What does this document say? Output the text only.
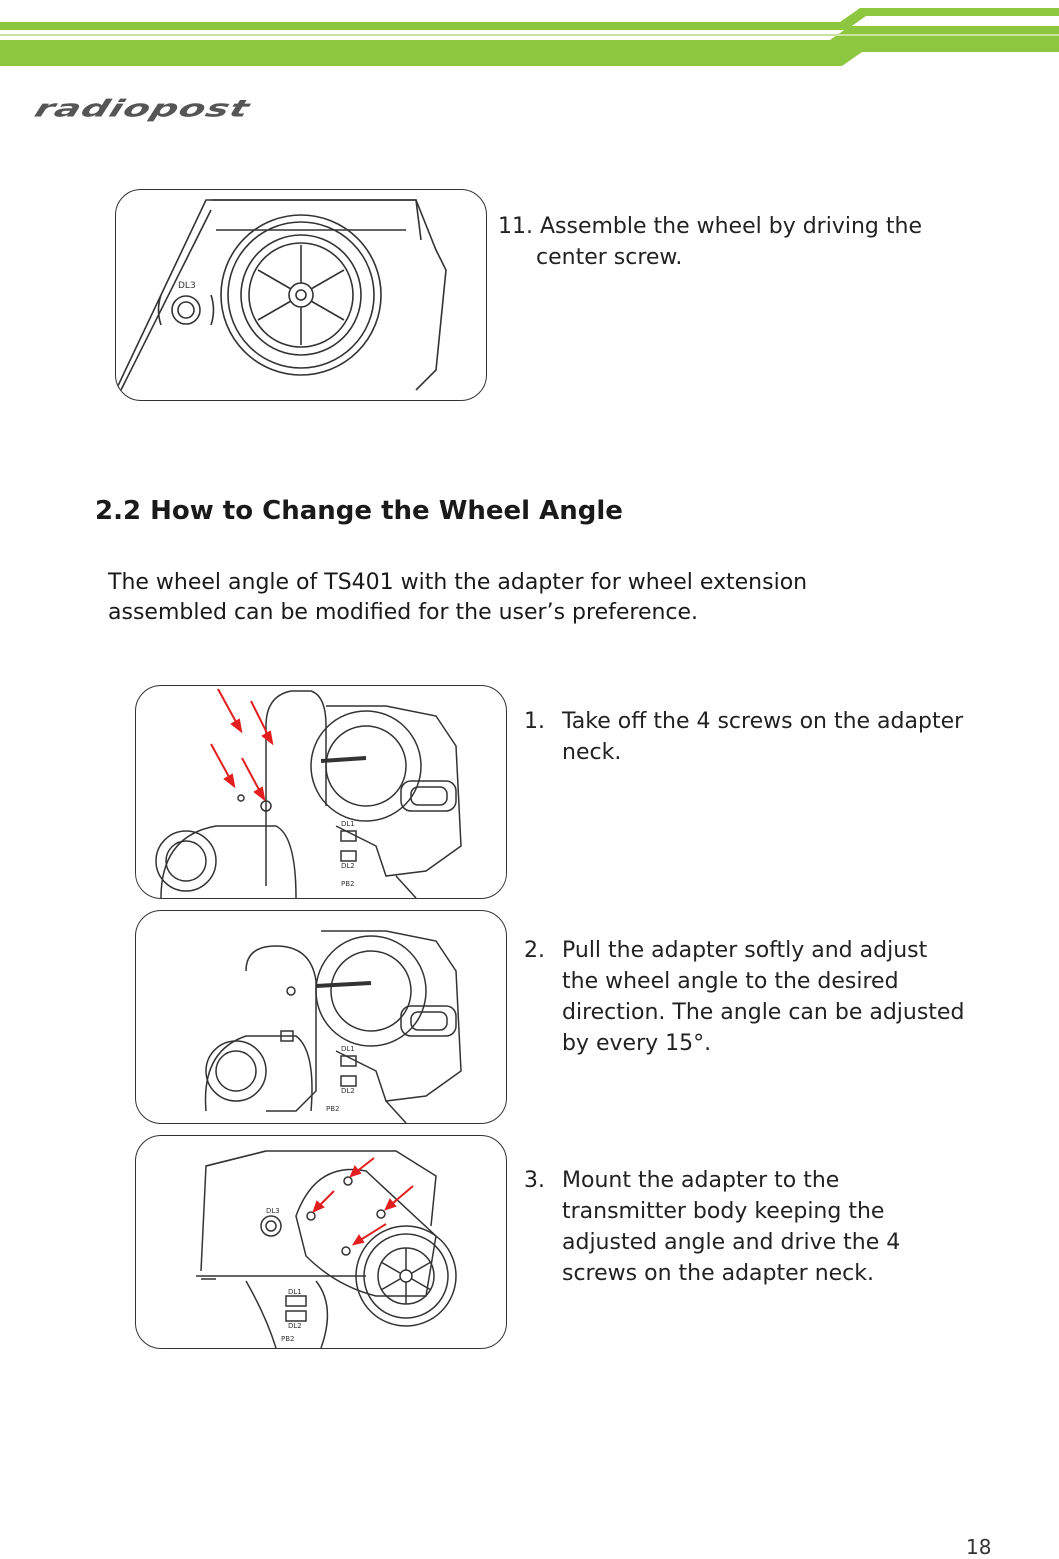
radiopost
DL3
11. Assemble the wheel by driving the
center screw.
2.2 How to Change the Wheel Angle
The wheel angle of TS401 with the adapter for wheel extension
assembled can be modified for the user’s preference.
DL1
DL2
PB2
1. Take off the 4 screws on the adapter
neck.
DL1
DL2
PB2
2. Pull the adapter softly and adjust
the wheel angle to the desired
direction. The angle can be adjusted
by every 15°.
DL3
DL1
DL2
PB2
3. Mount the adapter to the
transmitter body keeping the
adjusted angle and drive the 4
screws on the adapter neck.
18
